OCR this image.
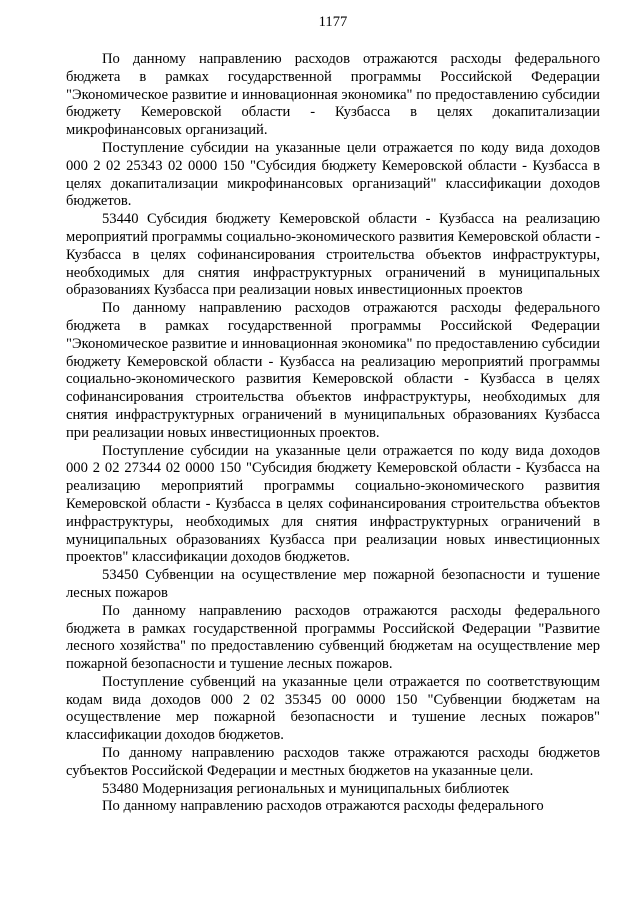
1177

По данному направлению расходов отражаются расходы федерального бюджета в рамках государственной программы Российской Федерации "Экономическое развитие и инновационная экономика" по предоставлению субсидии бюджету Кемеровской области - Кузбасса в целях докапитализации микрофинансовых организаций.

Поступление субсидии на указанные цели отражается по коду вида доходов 000 2 02 25343 02 0000 150 "Субсидия бюджету Кемеровской области - Кузбасса в целях докапитализации микрофинансовых организаций" классификации доходов бюджетов.

53440 Субсидия бюджету Кемеровской области - Кузбасса на реализацию мероприятий программы социально-экономического развития Кемеровской области - Кузбасса в целях софинансирования строительства объектов инфраструктуры, необходимых для снятия инфраструктурных ограничений в муниципальных образованиях Кузбасса при реализации новых инвестиционных проектов

По данному направлению расходов отражаются расходы федерального бюджета в рамках государственной программы Российской Федерации "Экономическое развитие и инновационная экономика" по предоставлению субсидии бюджету Кемеровской области - Кузбасса на реализацию мероприятий программы социально-экономического развития Кемеровской области - Кузбасса в целях софинансирования строительства объектов инфраструктуры, необходимых для снятия инфраструктурных ограничений в муниципальных образованиях Кузбасса при реализации новых инвестиционных проектов.

Поступление субсидии на указанные цели отражается по коду вида доходов 000 2 02 27344 02 0000 150 "Субсидия бюджету Кемеровской области - Кузбасса на реализацию мероприятий программы социально-экономического развития Кемеровской области - Кузбасса в целях софинансирования строительства объектов инфраструктуры, необходимых для снятия инфраструктурных ограничений в муниципальных образованиях Кузбасса при реализации новых инвестиционных проектов" классификации доходов бюджетов.

53450 Субвенции на осуществление мер пожарной безопасности и тушение лесных пожаров

По данному направлению расходов отражаются расходы федерального бюджета в рамках государственной программы Российской Федерации "Развитие лесного хозяйства" по предоставлению субвенций бюджетам на осуществление мер пожарной безопасности и тушение лесных пожаров.

Поступление субвенций на указанные цели отражается по соответствующим кодам вида доходов 000 2 02 35345 00 0000 150 "Субвенции бюджетам на осуществление мер пожарной безопасности и тушение лесных пожаров" классификации доходов бюджетов.

По данному направлению расходов также отражаются расходы бюджетов субъектов Российской Федерации и местных бюджетов на указанные цели.

53480 Модернизация региональных и муниципальных библиотек

По данному направлению расходов отражаются расходы федерального
